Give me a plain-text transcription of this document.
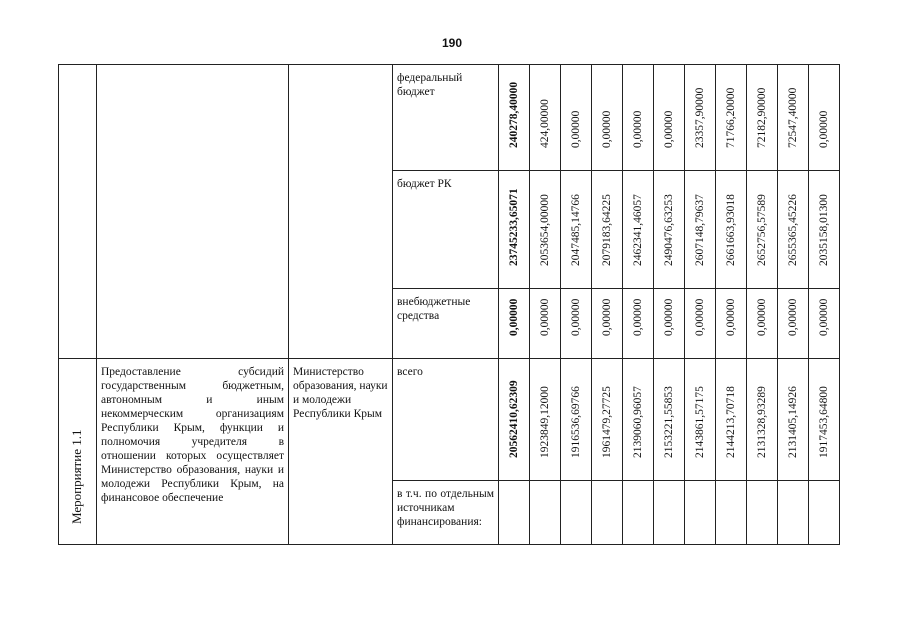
190

			федеральный бюджет	240278,40000	424,00000	0,00000	0,00000	0,00000	0,00000	23357,90000	71766,20000	72182,90000	72547,40000	0,00000

			бюджет РК	23745233,65071	2053654,00000	2047485,14766	2079183,64225	2462341,46057	2490476,63253	2607148,79637	2661663,93018	2652756,57589	2655365,45226	2035158,01300

			внебюджетные средства	0,00000	0,00000	0,00000	0,00000	0,00000	0,00000	0,00000	0,00000	0,00000	0,00000	0,00000

Мероприятие 1.1	Предоставление субсидий государственным бюджетным, автономным и иным некоммерческим организациям Республики Крым, функции и полномочия учредителя в отношении которых осуществляет Министерство образования, науки и молодежи Республики Крым, на финансовое обеспечение	Министерство образования, науки и молодежи Республики Крым	всего	20562410,62309	1923849,12000	1916536,69766	1961479,27725	2139060,96057	2153221,55853	2143861,57175	2144213,70718	2131328,93289	2131405,14926	1917453,64800

			в т.ч. по отдельным источникам финансирования:											
